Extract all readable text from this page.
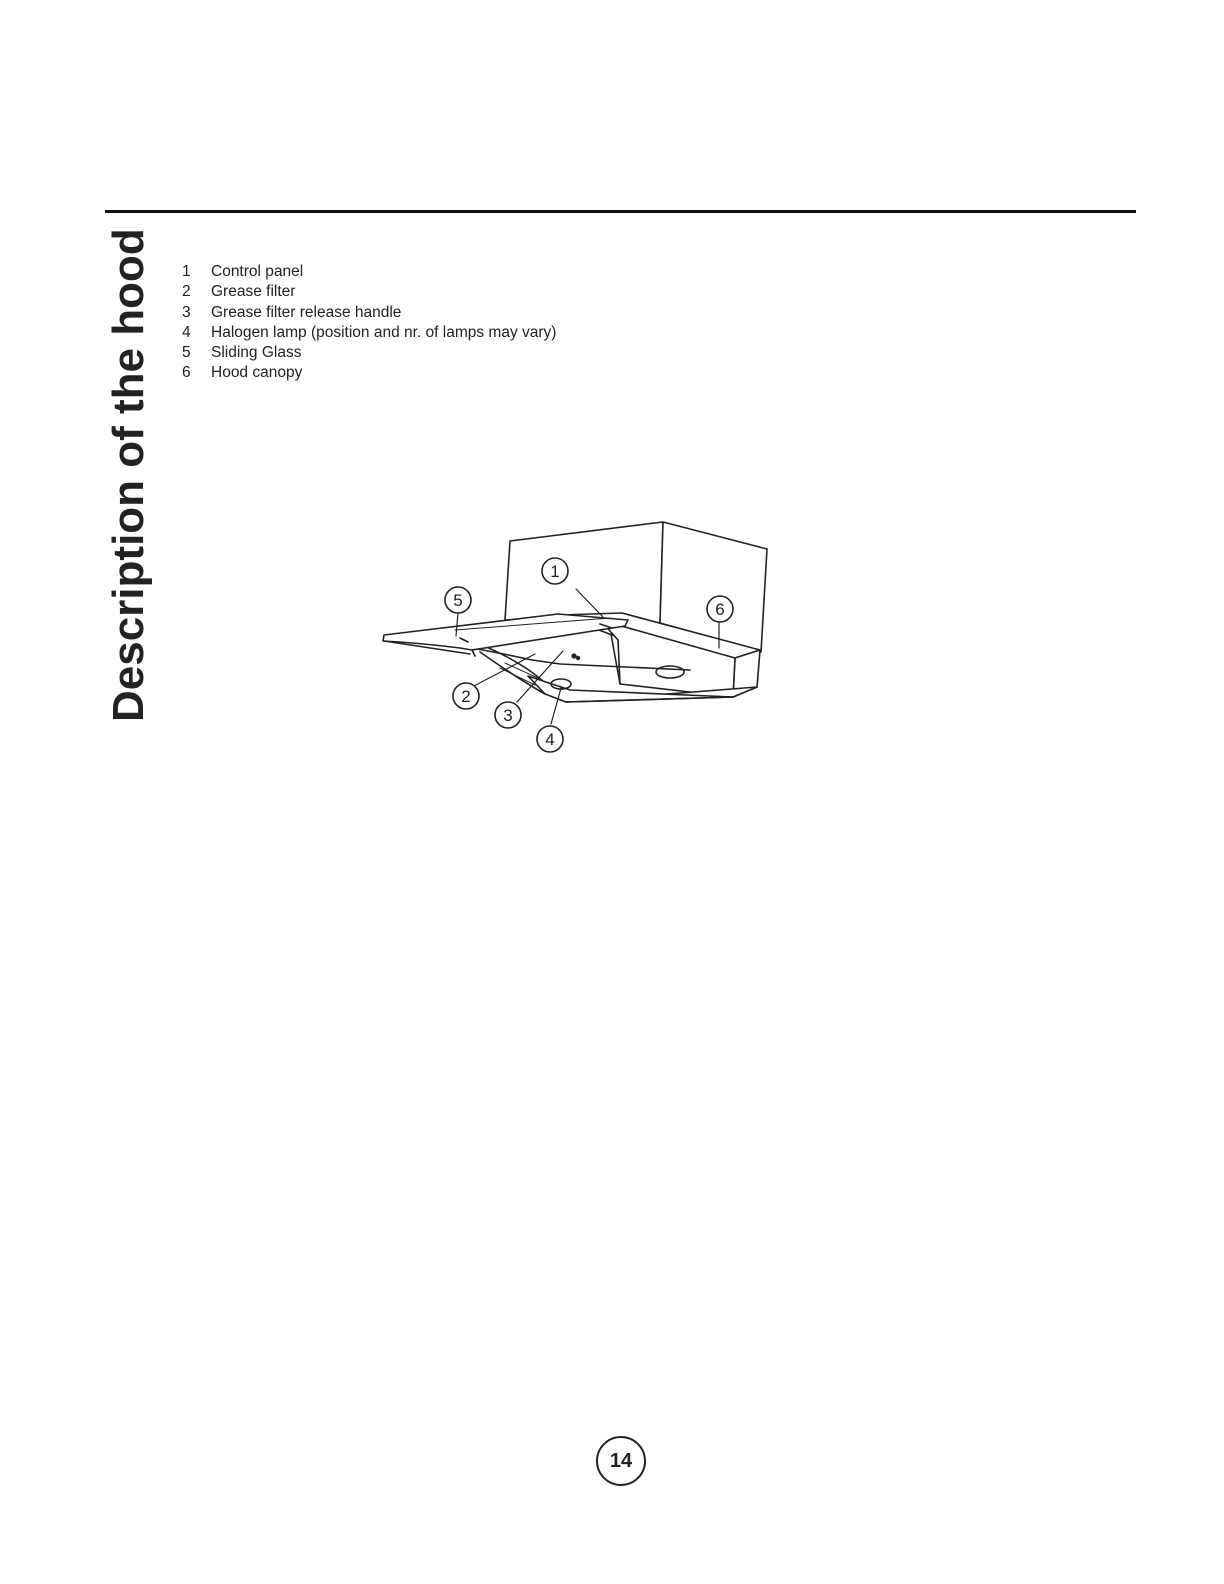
Description of the hood 1 Control panel
2 Grease filter
3 Grease filter release handle
4 Halogen lamp (position and nr. of lamps may vary)
5 Sliding Glass
6 Hood canopy
1
5	6
2
3
4
14
